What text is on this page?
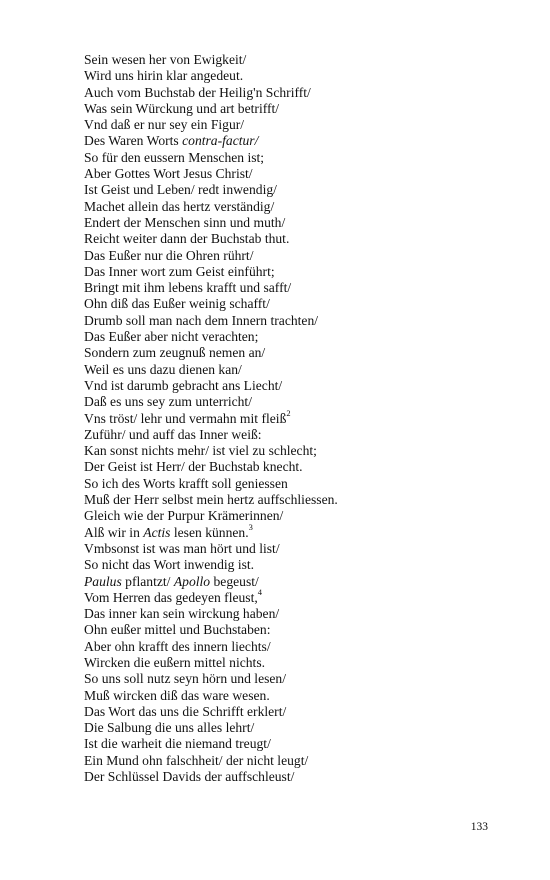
Sein wesen her von Ewigkeit/
Wird uns hirin klar angedeut.
Auch vom Buchstab der Heilig'n Schrifft/
Was sein Würckung und art betrifft/
Vnd daß er nur sey ein Figur/
Des Waren Worts contra-factur/
So für den eussern Menschen ist;
Aber Gottes Wort Jesus Christ/
Ist Geist und Leben/ redt inwendig/
Machet allein das hertz verständig/
Endert der Menschen sinn und muth/
Reicht weiter dann der Buchstab thut.
Das Eußer nur die Ohren rührt/
Das Inner wort zum Geist einführt;
Bringt mit ihm lebens krafft und safft/
Ohn diß das Eußer weinig schafft/
Drumb soll man nach dem Innern trachten/
Das Eußer aber nicht verachten;
Sondern zum zeugnuß nemen an/
Weil es uns dazu dienen kan/
Vnd ist darumb gebracht ans Liecht/
Daß es uns sey zum unterricht/
Vns tröst/ lehr und vermahn mit fleiß$^2$
Zuführ/ und auff das Inner weiß:
Kan sonst nichts mehr/ ist viel zu schlecht;
Der Geist ist Herr/ der Buchstab knecht.
So ich des Worts krafft soll geniessen
Muß der Herr selbst mein hertz auffschliessen.
Gleich wie der Purpur Krämerinnen/
Alß wir in Actis lesen künnen.$^3$
Vmbsonst ist was man hört und list/
So nicht das Wort inwendig ist.
Paulus pflantzt/ Apollo begeust/
Vom Herren das gedeyen fleust,$^4$
Das inner kan sein wirckung haben/
Ohn eußer mittel und Buchstaben:
Aber ohn krafft des innern liechts/
Wircken die eußern mittel nichts.
So uns soll nutz seyn hörn und lesen/
Muß wircken diß das ware wesen.
Das Wort das uns die Schrifft erklert/
Die Salbung die uns alles lehrt/
Ist die warheit die niemand treugt/
Ein Mund ohn falschheit/ der nicht leugt/
Der Schlüssel Davids der auffschleust/
133
